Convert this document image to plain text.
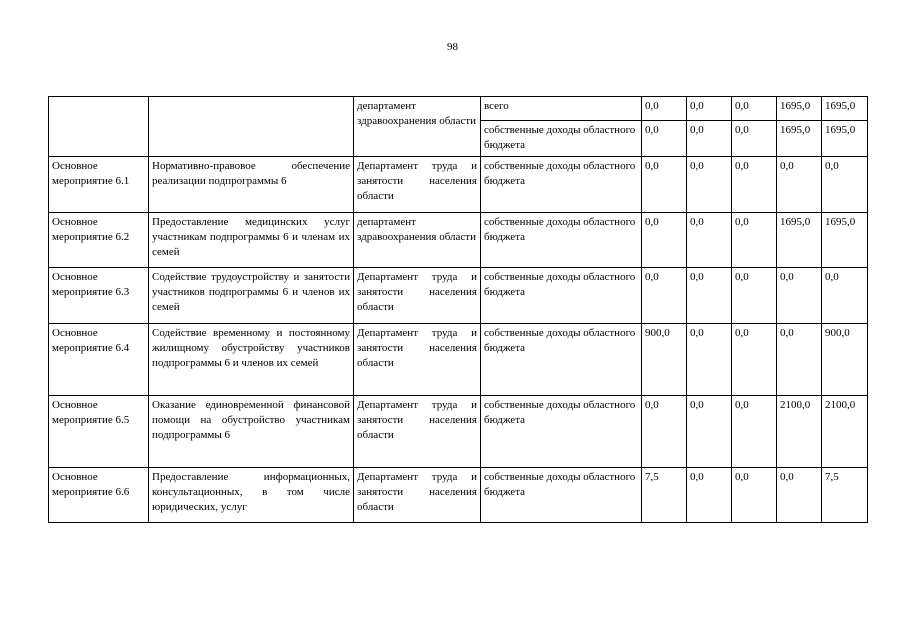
98
		департамент здравоохранения области	всего	0,0	0,0	0,0	1695,0	1695,0
			собственные доходы областного бюджета	0,0	0,0	0,0	1695,0	1695,0
Основное мероприятие 6.1	Нормативно-правовое обеспечение реализации подпрограммы 6	Департамент труда и занятости населения области	собственные доходы областного бюджета	0,0	0,0	0,0	0,0	0,0
Основное мероприятие 6.2	Предоставление медицинских услуг участникам подпрограммы 6 и членам их семей	департамент здравоохранения области	собственные доходы областного бюджета	0,0	0,0	0,0	1695,0	1695,0
Основное мероприятие 6.3	Содействие трудоустройству и занятости участников подпрограммы 6 и членов их семей	Департамент труда и занятости населения области	собственные доходы областного бюджета	0,0	0,0	0,0	0,0	0,0
Основное мероприятие 6.4	Содействие временному и постоянному жилищному обустройству участников подпрограммы 6 и членов их семей	Департамент труда и занятости населения области	собственные доходы областного бюджета	900,0	0,0	0,0	0,0	900,0
Основное мероприятие 6.5	Оказание единовременной финансовой помощи на обустройство участникам подпрограммы 6	Департамент труда и занятости населения области	собственные доходы областного бюджета	0,0	0,0	0,0	2100,0	2100,0
Основное мероприятие 6.6	Предоставление информационных, консультационных, в том числе юридических, услуг	Департамент труда и занятости населения области	собственные доходы областного бюджета	7,5	0,0	0,0	0,0	7,5
